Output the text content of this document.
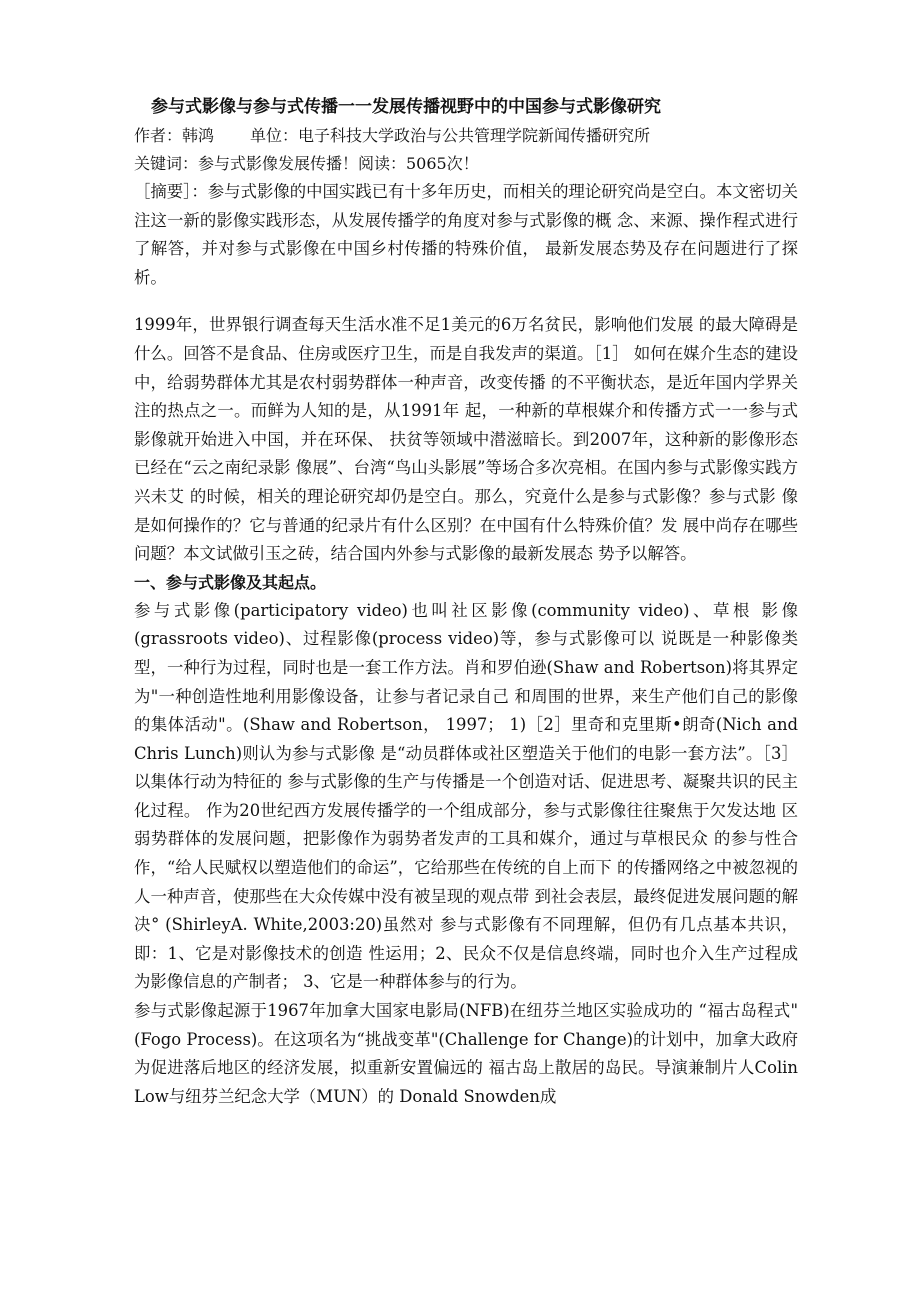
参与式影像与参与式传播一一发展传播视野中的中国参与式影像研究

作者：韩鸿 单位：电子科技大学政治与公共管理学院新闻传播研究所

关键词：参与式影像发展传播！阅读：5065次！

［摘要］：参与式影像的中国实践已有十多年历史，而相关的理论研究尚是空白。本文密切关注这一新的影像实践形态，从发展传播学的角度对参与式影像的概 念、来源、操作程式进行了解答，并对参与式影像在中国乡村传播的特殊价值， 最新发展态势及存在问题进行了探析。

1999年，世界银行调查每天生活水准不足1美元的6万名贫民，影响他们发展 的最大障碍是什么。回答不是食品、住房或医疗卫生，而是自我发声的渠道。［1］ 如何在媒介生态的建设中，给弱势群体尤其是农村弱势群体一种声音，改变传播 的不平衡状态，是近年国内学界关注的热点之一。而鲜为人知的是，从1991年 起，一种新的草根媒介和传播方式一一参与式影像就开始进入中国，并在环保、 扶贫等领域中潜滋暗长。到2007年，这种新的影像形态已经在“云之南纪录影 像展”、台湾“鸟山头影展”等场合多次亮相。在国内参与式影像实践方兴未艾 的时候，相关的理论研究却仍是空白。那么，究竟什么是参与式影像？参与式影 像是如何操作的？它与普通的纪录片有什么区别？在中国有什么特殊价值？发 展中尚存在哪些问题？本文试做引玉之砖，结合国内外参与式影像的最新发展态 势予以解答。

一、参与式影像及其起点。

参与式影像(participatory video)也叫社区影像(community video)、草根 影像(grassroots video)、过程影像(process video)等，参与式影像可以 说既是一种影像类型，一种行为过程，同时也是一套工作方法。肖和罗伯逊(Shaw and Robertson)将其界定为"一种创造性地利用影像设备，让参与者记录自己 和周围的世界，来生产他们自己的影像的集体活动"。(Shaw and Robertson， 1997； 1)［2］里奇和克里斯•朗奇(Nich and Chris Lunch)则认为参与式影像 是“动员群体或社区塑造关于他们的电影一套方法”。［3］以集体行动为特征的 参与式影像的生产与传播是一个创造对话、促进思考、凝聚共识的民主化过程。 作为20世纪西方发展传播学的一个组成部分，参与式影像往往聚焦于欠发达地 区弱势群体的发展问题，把影像作为弱势者发声的工具和媒介，通过与草根民众 的参与性合作，“给人民赋权以塑造他们的命运”，它给那些在传统的自上而下 的传播网络之中被忽视的人一种声音，使那些在大众传媒中没有被呈现的观点带 到社会表层，最终促进发展问题的解决° (ShirleyA. White,2003:20)虽然对 参与式影像有不同理解，但仍有几点基本共识，即：1、它是对影像技术的创造 性运用；2、民众不仅是信息终端，同时也介入生产过程成为影像信息的产制者； 3、它是一种群体参与的行为。

参与式影像起源于1967年加拿大国家电影局(NFB)在纽芬兰地区实验成功的 “福古岛程式"(Fogo Process)。在这项名为“挑战变革"(Challenge for Change)的计划中，加拿大政府为促进落后地区的经济发展，拟重新安置偏远的 福古岛上散居的岛民。导演兼制片人Colin Low与纽芬兰纪念大学（MUN）的 Donald Snowden成
